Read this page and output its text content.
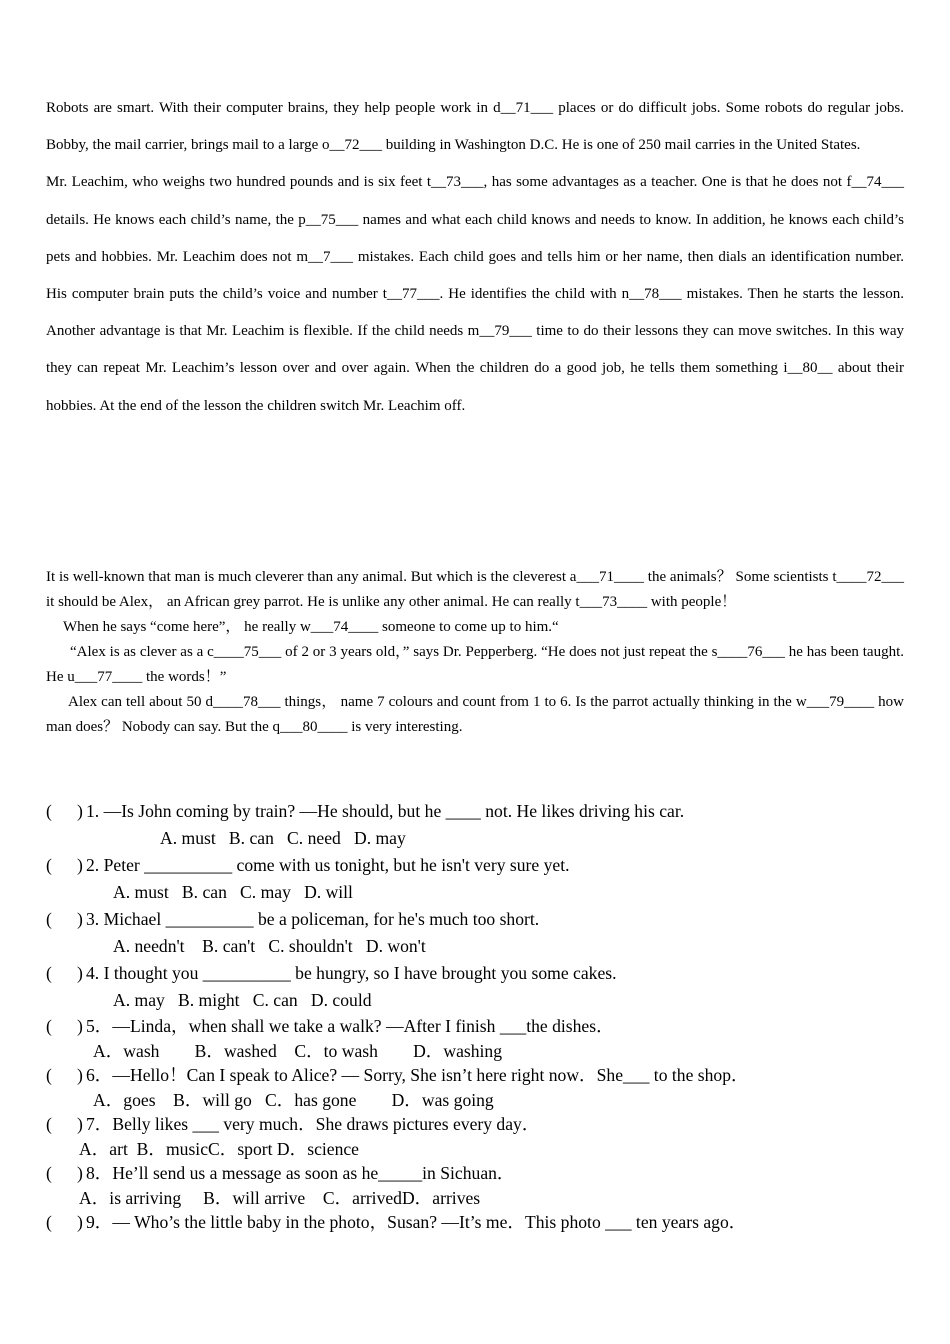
Robots are smart. With their computer brains, they help people work in d__71___ places or do difficult jobs. Some robots do regular jobs. Bobby, the mail carrier, brings mail to a large o__72___ building in Washington D.C. He is one of 250 mail carries in the United States.

Mr. Leachim, who weighs two hundred pounds and is six feet t__73___, has some advantages as a teacher. One is that he does not f__74___ details. He knows each child’s name, the p__75___ names and what each child knows and needs to know. In addition, he knows each child’s pets and hobbies. Mr. Leachim does not m__7___ mistakes. Each child goes and tells him or her name, then dials an identification number. His computer brain puts the child’s voice and number t__77___. He identifies the child with n__78___ mistakes. Then he starts the lesson. Another advantage is that Mr. Leachim is flexible. If the child needs m__79___ time to do their lessons they can move switches. In this way they can repeat Mr. Leachim’s lesson over and over again. When the children do a good job, he tells them something i__80__ about their hobbies. At the end of the lesson the children switch Mr. Leachim off.

It is well-known that man is much cleverer than any animal. But which is the cleverest a___71____ the animals？ Some scientists t____72___ it should be Alex， an African grey parrot. He is unlike any other animal. He can really t___73____ with people！

When he says “come here”， he really w___74____ someone to come up to him.“

“Alex is as clever as a c____75___ of 2 or 3 years old，” says Dr. Pepperberg. “He does not just repeat the s____76___ he has been taught. He u___77____ the words！”

Alex can tell about 50 d____78___ things， name 7 colours and count from 1 to 6. Is the parrot actually thinking in the w___79____ how man does？ Nobody can say. But the q___80____ is very interesting.

( ) 1. —Is John coming by train? —He should, but he ____ not. He likes driving his car.
A. must   B. can   C. need   D. may
( ) 2. Peter __________ come with us tonight, but he isn't very sure yet.
A. must   B. can   C. may   D. will
( ) 3. Michael __________ be a policeman, for he's much too short.
A. needn't    B. can't   C. shouldn't   D. won't
( ) 4. I thought you __________ be hungry, so I have brought you some cakes.
A. may   B. might   C. can   D. could
( ) 5．—Linda，when shall we take a walk? —After I finish ___the dishes．
A．wash        B．washed    C．to wash        D．washing
( ) 6．—Hello！Can I speak to Alice? — Sorry, She isn’t here right now．She___ to the shop．
A．goes    B．will go   C．has gone        D．was going
( ) 7．Belly likes ___ very much．She draws pictures every day．
A．art  B．musicC．sport D．science
( ) 8．He’ll send us a message as soon as he_____in Sichuan．
A．is arriving     B．will arrive    C．arrivedD．arrives
( ) 9．— Who’s the little baby in the photo，Susan? —It’s me．This photo ___ ten years ago．
